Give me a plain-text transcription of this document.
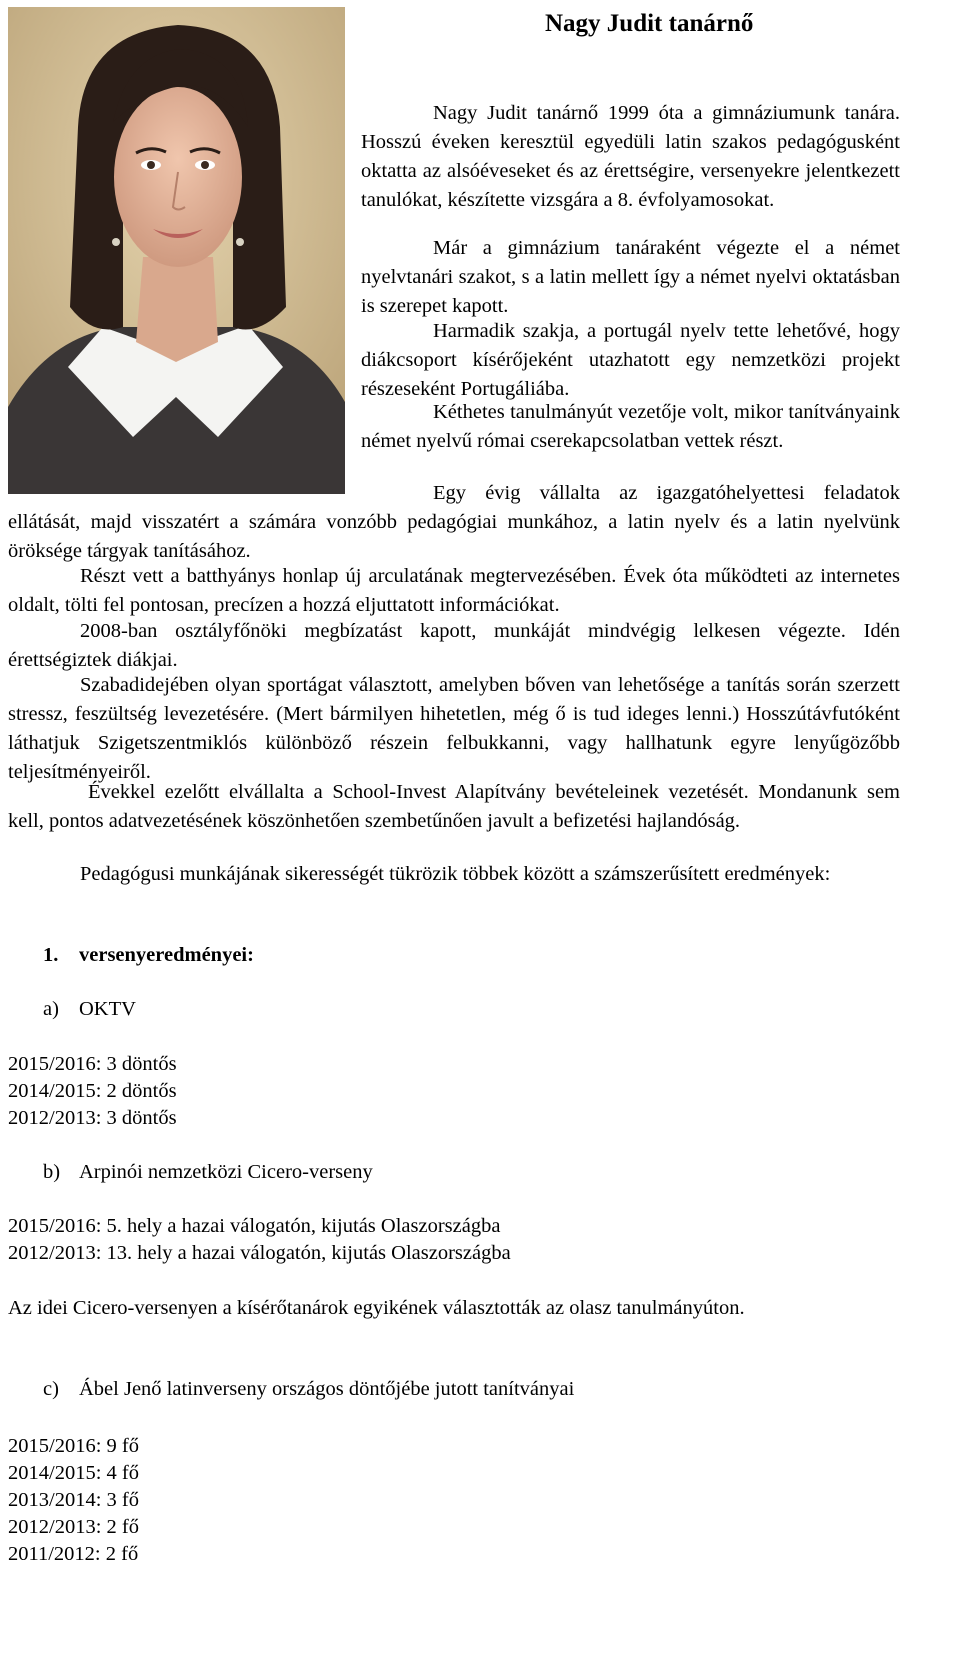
Nagy Judit tanárnő

Nagy Judit tanárnő 1999 óta a gimnáziumunk tanára. Hosszú éveken keresztül egyedüli latin szakos pedagógusként oktatta az alsóéveseket és az érettségire, versenyekre jelentkezett tanulókat, készítette vizsgára a 8. évfolyamosokat.

Már a gimnázium tanáraként végezte el a német nyelvtanári szakot, s a latin mellett így a német nyelvi oktatásban is szerepet kapott.

Harmadik szakja, a portugál nyelv tette lehetővé, hogy diákcsoport kísérőjeként utazhatott egy nemzetközi projekt részeseként Portugáliába.

Kéthetes tanulmányút vezetője volt, mikor tanítványaink német nyelvű római cserekapcsolatban vettek részt.

Egy évig vállalta az igazgatóhelyettesi feladatok ellátását, majd visszatért a számára vonzóbb pedagógiai munkához, a latin nyelv és a latin nyelvünk öröksége tárgyak tanításához.

Részt vett a batthyánys honlap új arculatának megtervezésében. Évek óta működteti az internetes oldalt, tölti fel pontosan, precízen a hozzá eljuttatott információkat.

2008-ban osztályfőnöki megbízatást kapott, munkáját mindvégig lelkesen végezte. Idén érettségiztek diákjai.

Szabadidejében olyan sportágat választott, amelyben bőven van lehetősége a tanítás során szerzett stressz, feszültség levezetésére. (Mert bármilyen hihetetlen, még ő is tud ideges lenni.) Hosszútávfutóként láthatjuk Szigetszentmiklós különböző részein felbukkanni, vagy hallhatunk egyre lenyűgözőbb teljesítményeiről.

Évekkel ezelőtt elvállalta a School-Invest Alapítvány bevételeinek vezetését. Mondanunk sem kell, pontos adatvezetésének köszönhetően szembetűnően javult a befizetési hajlandóság.

Pedagógusi munkájának sikerességét tükrözik többek között a számszerűsített eredmények:

1. versenyeredményei:
a) OKTV
2015/2016: 3 döntős
2014/2015: 2 döntős
2012/2013: 3 döntős
b) Arpinói nemzetközi Cicero-verseny
2015/2016: 5. hely a hazai válogatón, kijutás Olaszországba
2012/2013: 13. hely a hazai válogatón, kijutás Olaszországba
Az idei Cicero-versenyen a kísérőtanárok egyikének választották az olasz tanulmányúton.
c) Ábel Jenő latinverseny országos döntőjébe jutott tanítványai
2015/2016: 9 fő
2014/2015: 4 fő
2013/2014: 3 fő
2012/2013: 2 fő
2011/2012: 2 fő
